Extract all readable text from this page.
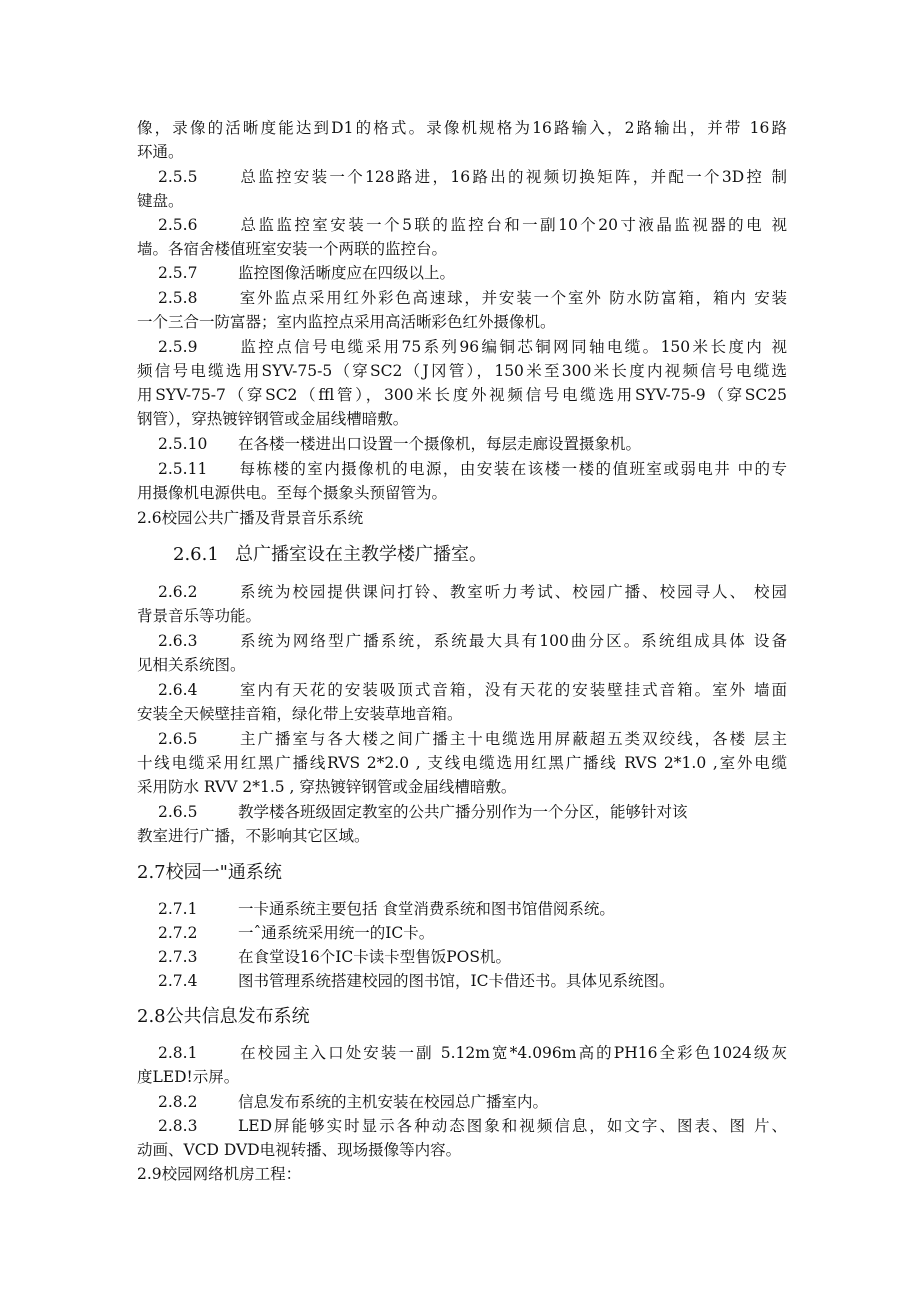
像，录像的活晰度能达到D1的格式。录像机规格为16路输入，2路输出，并带 16路
环通。
2.5.5	总监控安装一个128路进，16路出的视频切换矩阵，并配一个3D控 制
键盘。
2.5.6	总监监控室安装一个5联的监控台和一副10个20寸液晶监视器的电 视
墙。各宿舍楼值班室安装一个两联的监控台。
2.5.7	监控图像活晰度应在四级以上。
2.5.8	室外监点采用红外彩色高速球，并安装一个室外 防水防富箱，箱内 安装
一个三合一防富器；室内监控点采用高活晰彩色红外摄像机。
2.5.9	监控点信号电缆采用75系列96编铜芯铜网同轴电缆。150米长度内 视
频信号电缆选用SYV-75-5（穿SC2（J冈管），150米至300米长度内视频信号电缆选
用SYV-75-7（穿SC2（ffl管），300米长度外视频信号电缆选用SYV-75-9（穿SC25
钢管），穿热镀锌钢管或金届线槽暗敷。
2.5.10 在各楼一楼进出口设置一个摄像机，每层走廊设置摄象机。
2.5.11 每栋楼的室内摄像机的电源，由安装在该楼一楼的值班室或弱电井 中的专
用摄像机电源供电。至每个摄象头预留管为。
2.6校园公共广播及背景音乐系统
2.6.1 总广播室设在主教学楼广播室。
2.6.2	系统为校园提供课问打铃、教室听力考试、校园广播、校园寻人、 校园
背景音乐等功能。
2.6.3	系统为网络型广播系统，系统最大具有100曲分区。系统组成具体 设备
见相关系统图。
2.6.4	室内有天花的安装吸顶式音箱，没有天花的安装壁挂式音箱。室外 墙面
安装全天候壁挂音箱，绿化带上安装草地音箱。
2.6.5	主广播室与各大楼之间广播主十电缆选用屏蔽超五类双绞线，各楼 层主
十线电缆采用红黑广播线RVS 2*2.0 , 支线电缆选用红黑广播线 RVS 2*1.0 ,室外电缆
采用防水 RVV 2*1.5 , 穿热镀锌钢管或金届线槽暗敷。
2.6.5	教学楼各班级固定教室的公共广播分别作为一个分区，能够针对该
教室进行广播，不影响其它区域。
2.7校园一"通系统
2.7.1	一卡通系统主要包括 食堂消费系统和图书馆借阅系统。
2.7.2	一ˆ通系统采用统一的IC卡。
2.7.3	在食堂设16个IC卡读卡型售饭POS机。
2.7.4	图书管理系统搭建校园的图书馆，IC卡借还书。具体见系统图。
2.8公共信息发布系统
2.8.1	在校园主入口处安装一副 5.12m宽*4.096m高的PH16全彩色1024级灰
度LED!示屏。
2.8.2	信息发布系统的主机安装在校园总广播室内。
2.8.3	LED屏能够实时显示各种动态图象和视频信息，如文字、图表、图 片、
动画、VCD DVD电视转播、现场摄像等内容。
2.9校园网络机房工程：
